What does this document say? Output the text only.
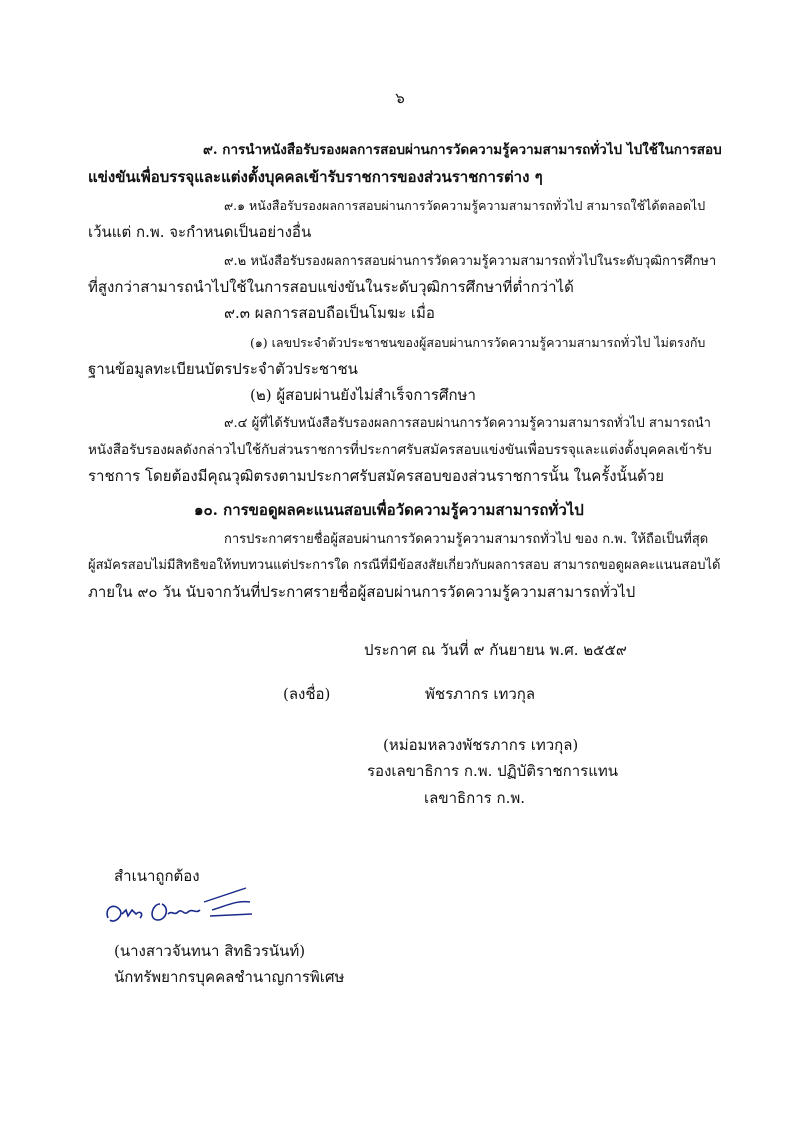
๖
๙. การนำหนังสือรับรองผลการสอบผ่านการวัดความรู้ความสามารถทั่วไป ไปใช้ในการสอบ
แข่งขันเพื่อบรรจุและแต่งตั้งบุคคลเข้ารับราชการของส่วนราชการต่าง ๆ
๙.๑ หนังสือรับรองผลการสอบผ่านการวัดความรู้ความสามารถทั่วไป สามารถใช้ได้ตลอดไป
เว้นแต่ ก.พ. จะกำหนดเป็นอย่างอื่น
๙.๒ หนังสือรับรองผลการสอบผ่านการวัดความรู้ความสามารถทั่วไปในระดับวุฒิการศึกษา
ที่สูงกว่าสามารถนำไปใช้ในการสอบแข่งขันในระดับวุฒิการศึกษาที่ต่ำกว่าได้
๙.๓ ผลการสอบถือเป็นโมฆะ เมื่อ
(๑) เลขประจำตัวประชาชนของผู้สอบผ่านการวัดความรู้ความสามารถทั่วไป ไม่ตรงกับ
ฐานข้อมูลทะเบียนบัตรประจำตัวประชาชน
(๒) ผู้สอบผ่านยังไม่สำเร็จการศึกษา
๙.๔ ผู้ที่ได้รับหนังสือรับรองผลการสอบผ่านการวัดความรู้ความสามารถทั่วไป สามารถนำ
หนังสือรับรองผลดังกล่าวไปใช้กับส่วนราชการที่ประกาศรับสมัครสอบแข่งขันเพื่อบรรจุและแต่งตั้งบุคคลเข้ารับ
ราชการ โดยต้องมีคุณวุฒิตรงตามประกาศรับสมัครสอบของส่วนราชการนั้น ในครั้งนั้นด้วย
๑๐. การขอดูผลคะแนนสอบเพื่อวัดความรู้ความสามารถทั่วไป
การประกาศรายชื่อผู้สอบผ่านการวัดความรู้ความสามารถทั่วไป ของ ก.พ. ให้ถือเป็นที่สุด
ผู้สมัครสอบไม่มีสิทธิขอให้ทบทวนแต่ประการใด กรณีที่มีข้อสงสัยเกี่ยวกับผลการสอบ สามารถขอดูผลคะแนนสอบได้
ภายใน ๙๐ วัน นับจากวันที่ประกาศรายชื่อผู้สอบผ่านการวัดความรู้ความสามารถทั่วไป
ประกาศ ณ วันที่ ๙ กันยายน พ.ศ. ๒๕๕๙
(ลงชื่อ)	พัชรภากร เทวกุล
(หม่อมหลวงพัชรภากร เทวกุล)
รองเลขาธิการ ก.พ. ปฏิบัติราชการแทน
เลขาธิการ ก.พ.
สำเนาถูกต้อง
(นางสาวจันทนา สิทธิวรนันท์)
นักทรัพยากรบุคคลชำนาญการพิเศษ
